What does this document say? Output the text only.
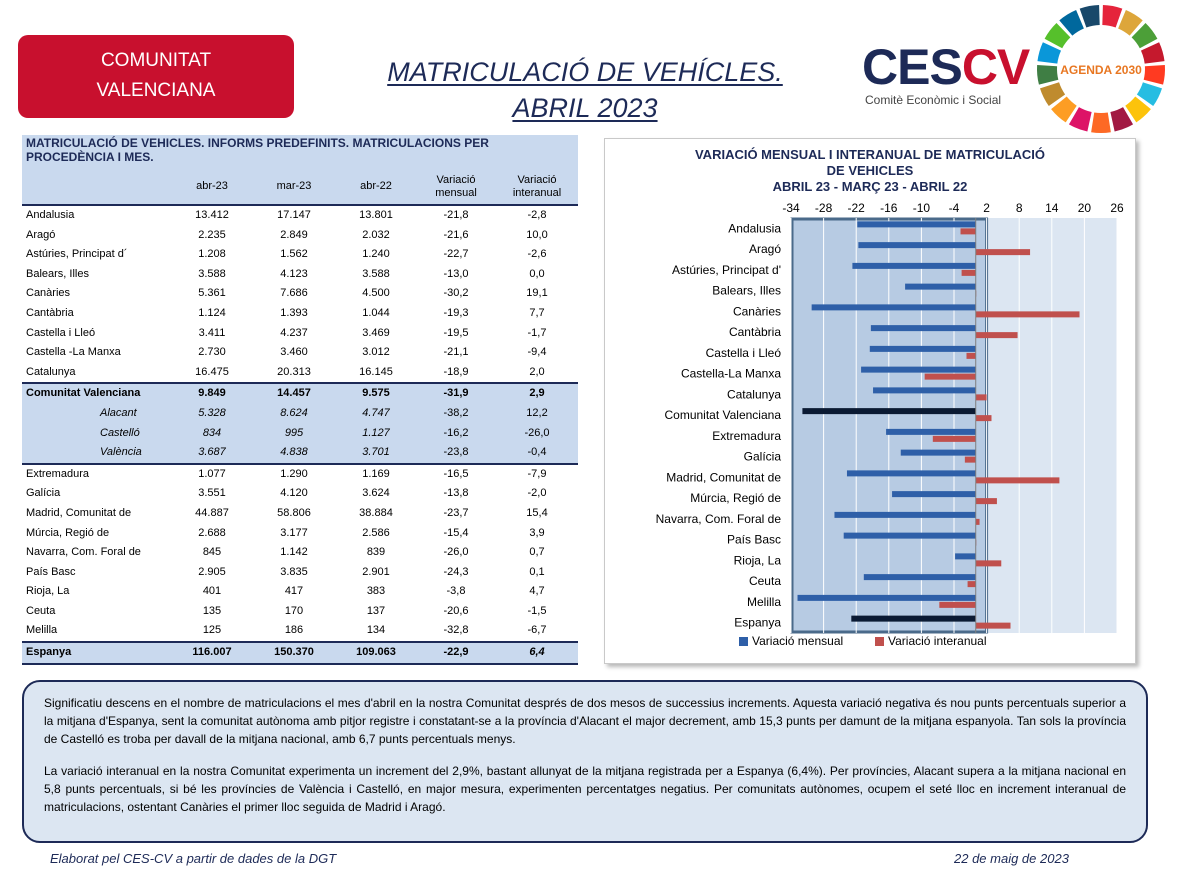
COMUNITAT
VALENCIANA
MATRICULACIÓ DE VEHÍCLES.
ABRIL 2023
CESCV
Comitè Econòmic i Social
AGENDA 2030
MATRICULACIÓ DE VEHICLES. INFORMS PREDEFINITS. MATRICULACIONS PER PROCEDÈNCIA I MES.
	abr-23	mar-23	abr-22	Variació mensual	Variació interanual
Andalusia	13.412	17.147	13.801	-21,8	-2,8
Aragó	2.235	2.849	2.032	-21,6	10,0
Astúries, Principat d´	1.208	1.562	1.240	-22,7	-2,6
Balears, Illes	3.588	4.123	3.588	-13,0	0,0
Canàries	5.361	7.686	4.500	-30,2	19,1
Cantàbria	1.124	1.393	1.044	-19,3	7,7
Castella i Lleó	3.411	4.237	3.469	-19,5	-1,7
Castella -La Manxa	2.730	3.460	3.012	-21,1	-9,4
Catalunya	16.475	20.313	16.145	-18,9	2,0
Comunitat Valenciana	9.849	14.457	9.575	-31,9	2,9
Alacant	5.328	8.624	4.747	-38,2	12,2
Castelló	834	995	1.127	-16,2	-26,0
València	3.687	4.838	3.701	-23,8	-0,4
Extremadura	1.077	1.290	1.169	-16,5	-7,9
Galícia	3.551	4.120	3.624	-13,8	-2,0
Madrid, Comunitat de	44.887	58.806	38.884	-23,7	15,4
Múrcia, Regió de	2.688	3.177	2.586	-15,4	3,9
Navarra, Com. Foral de	845	1.142	839	-26,0	0,7
País Basc	2.905	3.835	2.901	-24,3	0,1
Rioja, La	401	417	383	-3,8	4,7
Ceuta	135	170	137	-20,6	-1,5
Melilla	125	186	134	-32,8	-6,7
Espanya	116.007	150.370	109.063	-22,9	6,4
VARIACIÓ MENSUAL I INTERANUAL DE MATRICULACIÓ
DE VEHICLES
ABRIL 23 - MARÇ 23 - ABRIL 22
-34 -28 -22 -16 -10 -4 2 8 14 20 26
Andalusia
Aragó
Astúries, Principat d'
Balears, Illes
Canàries
Cantàbria
Castella i Lleó
Castella-La Manxa
Catalunya
Comunitat Valenciana
Extremadura
Galícia
Madrid, Comunitat de
Múrcia, Regió de
Navarra, Com. Foral de
País Basc
Rioja, La
Ceuta
Melilla
Espanya
Variació mensual	Variació interanual

Significatiu descens en el nombre de matriculacions el mes d'abril en la nostra Comunitat després de dos mesos de successius increments. Aquesta variació negativa és nou punts percentuals superior a la mitjana d'Espanya, sent la comunitat autònoma amb pitjor registre i constatant-se a la província d'Alacant el major decrement, amb 15,3 punts per damunt de la mitjana espanyola. Tan sols la província de Castelló es troba per davall de la mitjana nacional, amb 6,7 punts percentuals menys.

La variació interanual en la nostra Comunitat experimenta un increment del 2,9%, bastant allunyat de la mitjana registrada per a Espanya (6,4%). Per províncies, Alacant supera a la mitjana nacional en 5,8 punts percentuals, si bé les províncies de València i Castelló, en major mesura, experimenten percentatges negatius. Per comunitats autònomes, ocupem el seté lloc en increment interanual de matriculacions, ostentant Canàries el primer lloc seguida de Madrid i Aragó.

Elaborat pel CES-CV a partir de dades de la DGT	22 de maig de 2023
